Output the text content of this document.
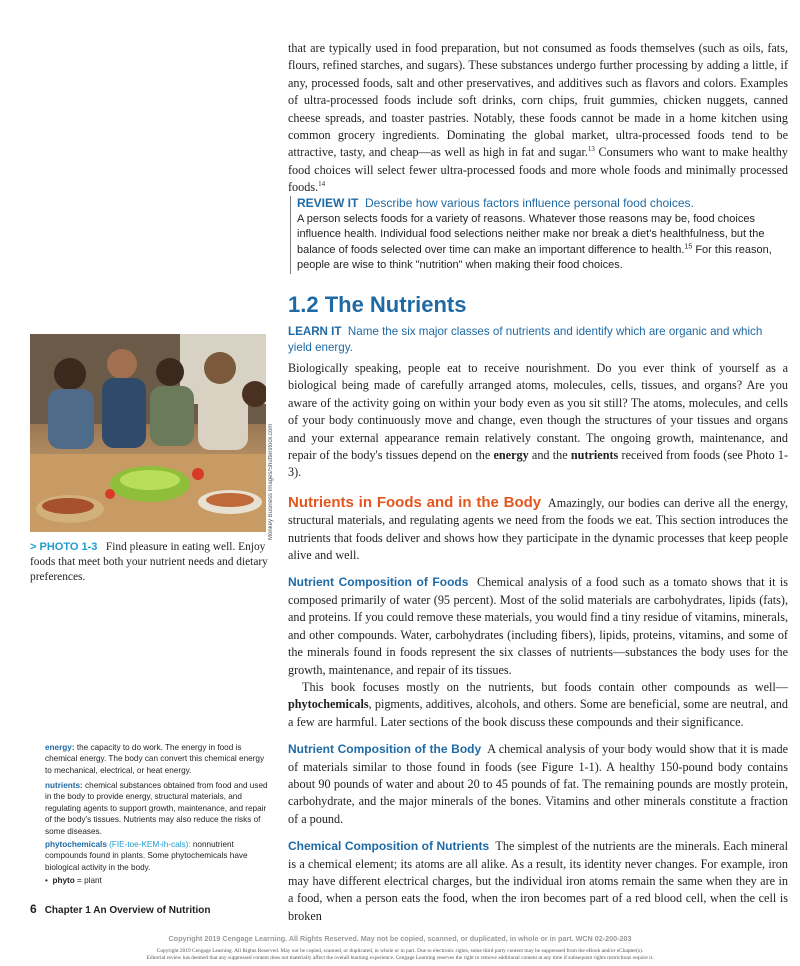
that are typically used in food preparation, but not consumed as foods themselves (such as oils, fats, flours, refined starches, and sugars). These substances undergo further processing by adding a little, if any, processed foods, salt and other preservatives, and additives such as flavors and colors. Examples of ultra-processed foods include soft drinks, corn chips, fruit gummies, chicken nuggets, canned cheese spreads, and toaster pastries. Notably, these foods cannot be made in a home kitchen using common grocery ingredients. Dominating the global market, ultra-processed foods tend to be attractive, tasty, and cheap—as well as high in fat and sugar.$^{13}$ Consumers who want to make healthy food choices will select fewer ultra-processed foods and more whole foods and minimally processed foods.$^{14}$

REVIEW IT Describe how various factors influence personal food choices.
A person selects foods for a variety of reasons. Whatever those reasons may be, food choices influence health. Individual food selections neither make nor break a diet's healthfulness, but the balance of foods selected over time can make an important difference to health.$^{15}$ For this reason, people are wise to think "nutrition" when making their food choices.
1.2 The Nutrients

LEARN IT Name the six major classes of nutrients and identify which are organic and which yield energy.

Biologically speaking, people eat to receive nourishment. Do you ever think of yourself as a biological being made of carefully arranged atoms, molecules, cells, tissues, and organs? Are you aware of the activity going on within your body even as you sit still? The atoms, molecules, and cells of your body continuously move and change, even though the structures of your tissues and organs and your external appearance remain relatively constant. The ongoing growth, maintenance, and repair of the body's tissues depend on the energy and the nutrients received from foods (see Photo 1-3).

Nutrients in Foods and in the Body Amazingly, our bodies can derive all the energy, structural materials, and regulating agents we need from the foods we eat. This section introduces the nutrients that foods deliver and shows how they participate in the dynamic processes that keep people alive and well.

Nutrient Composition of Foods Chemical analysis of a food such as a tomato shows that it is composed primarily of water (95 percent). Most of the solid materials are carbohydrates, lipids (fats), and proteins. If you could remove these materials, you would find a tiny residue of vitamins, minerals, and other compounds. Water, carbohydrates (including fibers), lipids, proteins, vitamins, and some of the minerals found in foods represent the six classes of nutrients—substances the body uses for the growth, maintenance, and repair of its tissues.

This book focuses mostly on the nutrients, but foods contain other compounds as well—phytochemicals, pigments, additives, alcohols, and others. Some are beneficial, some are neutral, and a few are harmful. Later sections of the book discuss these compounds and their significance.

Nutrient Composition of the Body A chemical analysis of your body would show that it is made of materials similar to those found in foods (see Figure 1-1). A healthy 150-pound body contains about 90 pounds of water and about 20 to 45 pounds of fat. The remaining pounds are mostly protein, carbohydrate, and the major minerals of the bones. Vitamins and other minerals constitute a fraction of a pound.

Chemical Composition of Nutrients The simplest of the nutrients are the minerals. Each mineral is a chemical element; its atoms are all alike. As a result, its identity never changes. For example, iron may have different electrical charges, but the individual iron atoms remain the same when they are in a food, when a person eats the food, when the iron becomes part of a red blood cell, when the cell is broken

Monkey Business Images/Shutterstock.com

> PHOTO 1-3 Find pleasure in eating well. Enjoy foods that meet both your nutrient needs and dietary preferences.

energy: the capacity to do work. The energy in food is chemical energy. The body can convert this chemical energy to mechanical, electrical, or heat energy.

nutrients: chemical substances obtained from food and used in the body to provide energy, structural materials, and regulating agents to support growth, maintenance, and repair of the body's tissues. Nutrients may also reduce the risks of some diseases.

phytochemicals (FIE-toe-KEM-ih-cals): nonnutrient compounds found in plants. Some phytochemicals have biological activity in the body.

• phyto = plant

6 Chapter 1 An Overview of Nutrition
Copyright 2019 Cengage Learning. All Rights Reserved. May not be copied, scanned, or duplicated, in whole or in part. WCN 02-200-203
Copyright 2019 Cengage Learning. All Rights Reserved. May not be copied, scanned, or duplicated, in whole or in part. Due to electronic rights, some third party content may be suppressed from the eBook and/or eChapter(s).
Editorial review has deemed that any suppressed content does not materially affect the overall learning experience. Cengage Learning reserves the right to remove additional content at any time if subsequent rights restrictions require it.
